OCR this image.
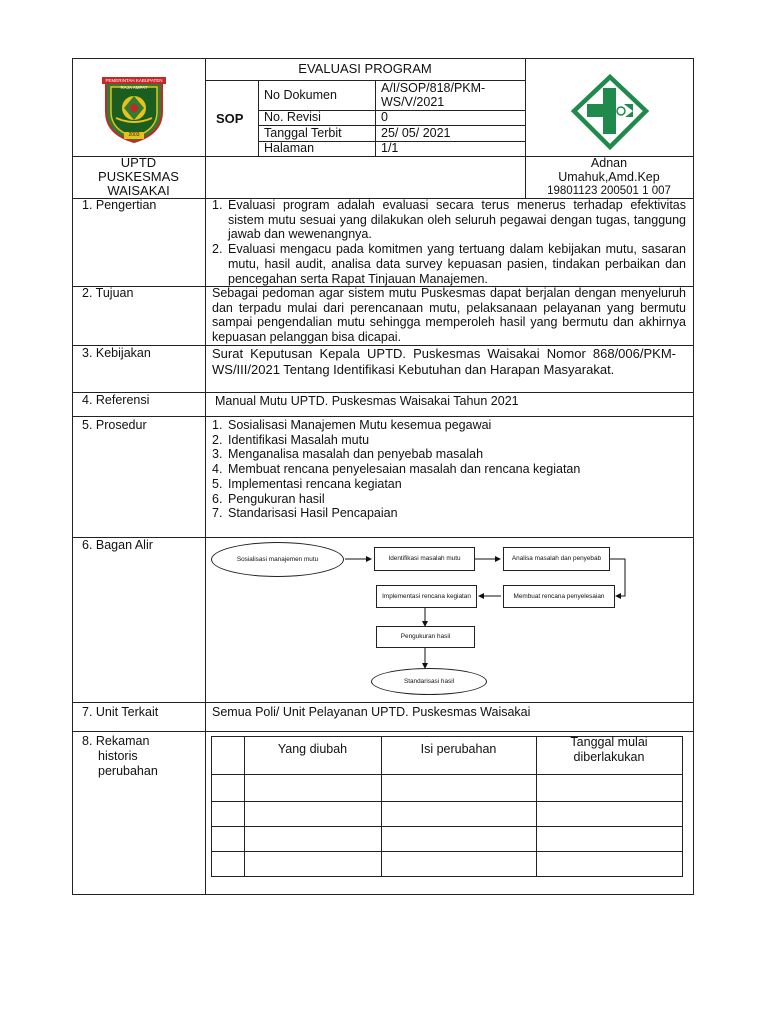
PEMERINTAH KABUPATEN RAJA AMPAT
2003
EVALUASI PROGRAM
SOP
No Dokumen	A/I/SOP/818/PKM-
WS/V/2021
No. Revisi	0
Tanggal Terbit	25/ 05/ 2021
Halaman	1/1
UPTD
PUSKESMAS
WAISAKAI
Adnan
Umahuk,Amd.Kep
19801123 200501 1 007
1. Pengertian	1. Evaluasi program adalah evaluasi secara terus menerus terhadap efektivitas sistem mutu sesuai yang dilakukan oleh seluruh pegawai dengan tugas, tanggung jawab dan wewenangnya.
2. Evaluasi mengacu pada komitmen yang tertuang dalam kebijakan mutu, sasaran mutu, hasil audit, analisa data survey kepuasan pasien, tindakan perbaikan dan pencegahan serta Rapat Tinjauan Manajemen.
2. Tujuan	Sebagai pedoman agar sistem mutu Puskesmas dapat berjalan dengan menyeluruh dan terpadu mulai dari perencanaan mutu, pelaksanaan pelayanan yang bermutu sampai pengendalian mutu sehingga memperoleh hasil yang bermutu dan akhirnya kepuasan pelanggan bisa dicapai.
3. Kebijakan	Surat Keputusan Kepala UPTD. Puskesmas Waisakai Nomor 868/006/PKM-WS/III/2021 Tentang Identifikasi Kebutuhan dan Harapan Masyarakat.
4. Referensi	Manual Mutu UPTD. Puskesmas Waisakai Tahun 2021
5. Prosedur	1. Sosialisasi Manajemen Mutu kesemua pegawai
2. Identifikasi Masalah mutu
3. Menganalisa masalah dan penyebab masalah
4. Membuat rencana penyelesaian masalah dan rencana kegiatan
5. Implementasi rencana kegiatan
6. Pengukuran hasil
7. Standarisasi Hasil Pencapaian
6. Bagan Alir
Sosialisasi manajemen mutu	Identifikasi masalah mutu	Analisa masalah dan penyebab
Membuat rencana penyelesaian
Implementasi rencana kegiatan
Pengukuran hasil
Standarisasi hasil
7. Unit Terkait	Semua Poli/ Unit Pelayanan UPTD. Puskesmas Waisakai
8. Rekaman
historis
perubahan
Yang diubah	Isi perubahan	Tanggal mulai diberlakukan
